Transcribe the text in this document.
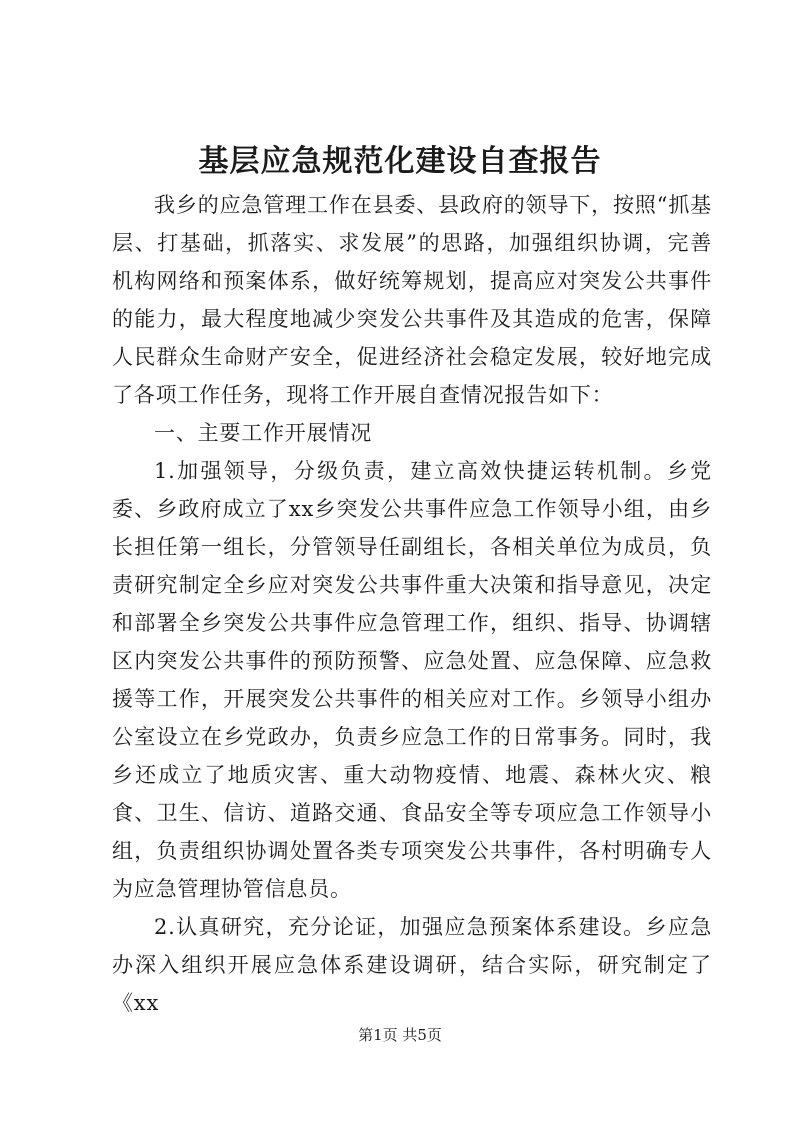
基层应急规范化建设自查报告

我乡的应急管理工作在县委、县政府的领导下，按照“抓基层、打基础，抓落实、求发展”的思路，加强组织协调，完善机构网络和预案体系，做好统筹规划，提高应对突发公共事件的能力，最大程度地减少突发公共事件及其造成的危害，保障人民群众生命财产安全，促进经济社会稳定发展，较好地完成了各项工作任务，现将工作开展自查情况报告如下：

一、主要工作开展情况

1.加强领导，分级负责，建立高效快捷运转机制。乡党委、乡政府成立了xx乡突发公共事件应急工作领导小组，由乡长担任第一组长，分管领导任副组长，各相关单位为成员，负责研究制定全乡应对突发公共事件重大决策和指导意见，决定和部署全乡突发公共事件应急管理工作，组织、指导、协调辖区内突发公共事件的预防预警、应急处置、应急保障、应急救援等工作，开展突发公共事件的相关应对工作。乡领导小组办公室设立在乡党政办，负责乡应急工作的日常事务。同时，我乡还成立了地质灾害、重大动物疫情、地震、森林火灾、粮食、卫生、信访、道路交通、食品安全等专项应急工作领导小组，负责组织协调处置各类专项突发公共事件，各村明确专人为应急管理协管信息员。

2.认真研究，充分论证，加强应急预案体系建设。乡应急办深入组织开展应急体系建设调研，结合实际，研究制定了《xx

第1页 共5页
